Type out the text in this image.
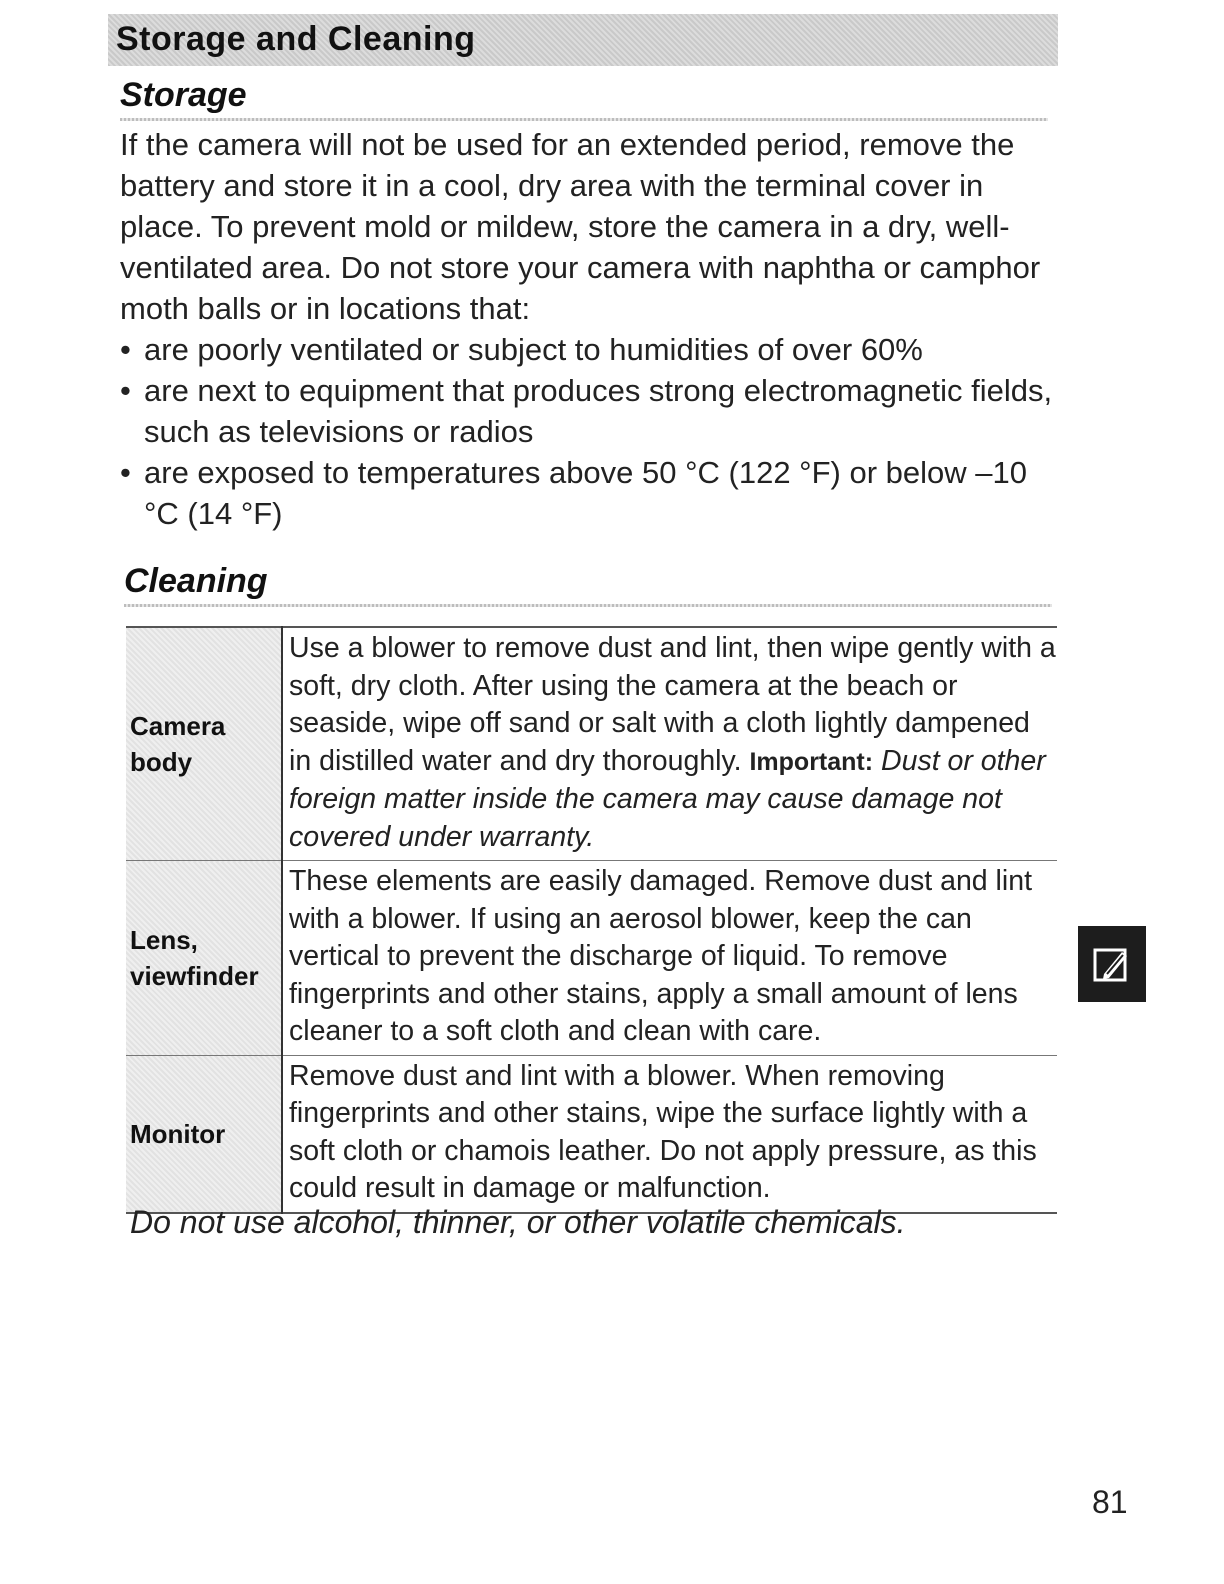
Storage and Cleaning
Storage

If the camera will not be used for an extended period, remove the battery and store it in a cool, dry area with the terminal cover in place. To prevent mold or mildew, store the camera in a dry, well-ventilated area. Do not store your camera with naphtha or camphor moth balls or in locations that:

• are poorly ventilated or subject to humidities of over 60%
• are next to equipment that produces strong electromagnetic fields, such as televisions or radios
• are exposed to temperatures above 50 °C (122 °F) or below –10 °C (14 °F)
Cleaning
Camera body	Use a blower to remove dust and lint, then wipe gently with a soft, dry cloth. After using the camera at the beach or seaside, wipe off sand or salt with a cloth lightly dampened in distilled water and dry thoroughly. Important: Dust or other foreign matter inside the camera may cause damage not covered under warranty.

Lens,
viewfinder	These elements are easily damaged. Remove dust and lint with a blower. If using an aerosol blower, keep the can vertical to prevent the discharge of liquid. To remove fingerprints and other stains, apply a small amount of lens cleaner to a soft cloth and clean with care.
Monitor	Remove dust and lint with a blower. When removing fingerprints and other stains, wipe the surface lightly with a soft cloth or chamois leather. Do not apply pressure, as this could result in damage or malfunction.
Do not use alcohol, thinner, or other volatile chemicals.
81
